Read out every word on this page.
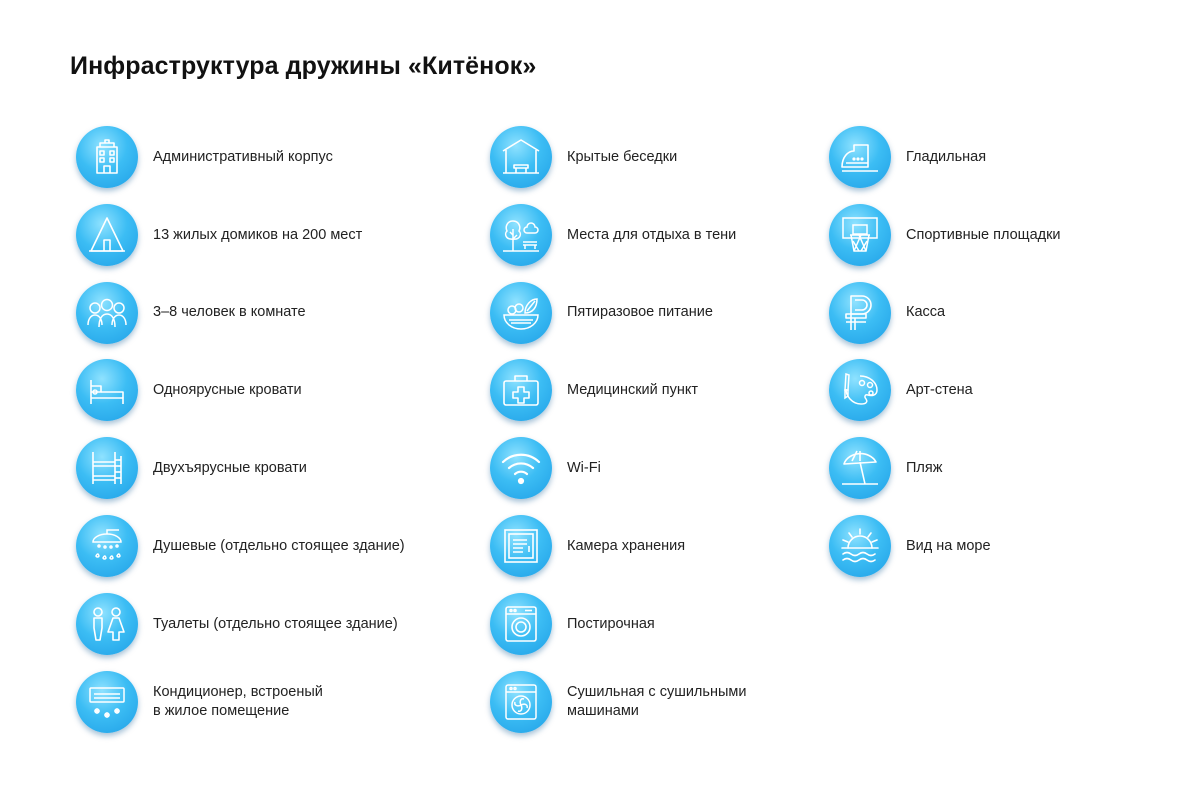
Инфраструктура дружины «Китёнок»
Административный корпус
13 жилых домиков на 200 мест
3–8 человек в комнате
Одноярусные кровати
Двухъярусные кровати
Душевые (отдельно стоящее здание)
Туалеты (отдельно стоящее здание)
Кондиционер, встроеный
в жилое помещение
Крытые беседки
Места для отдыха в тени
Пятиразовое питание
Медицинский пункт
Wi-Fi
Камера хранения
Постирочная
Сушильная с сушильными
машинами
Гладильная
Спортивные площадки
Касса
Арт-стена
Пляж
Вид на море
